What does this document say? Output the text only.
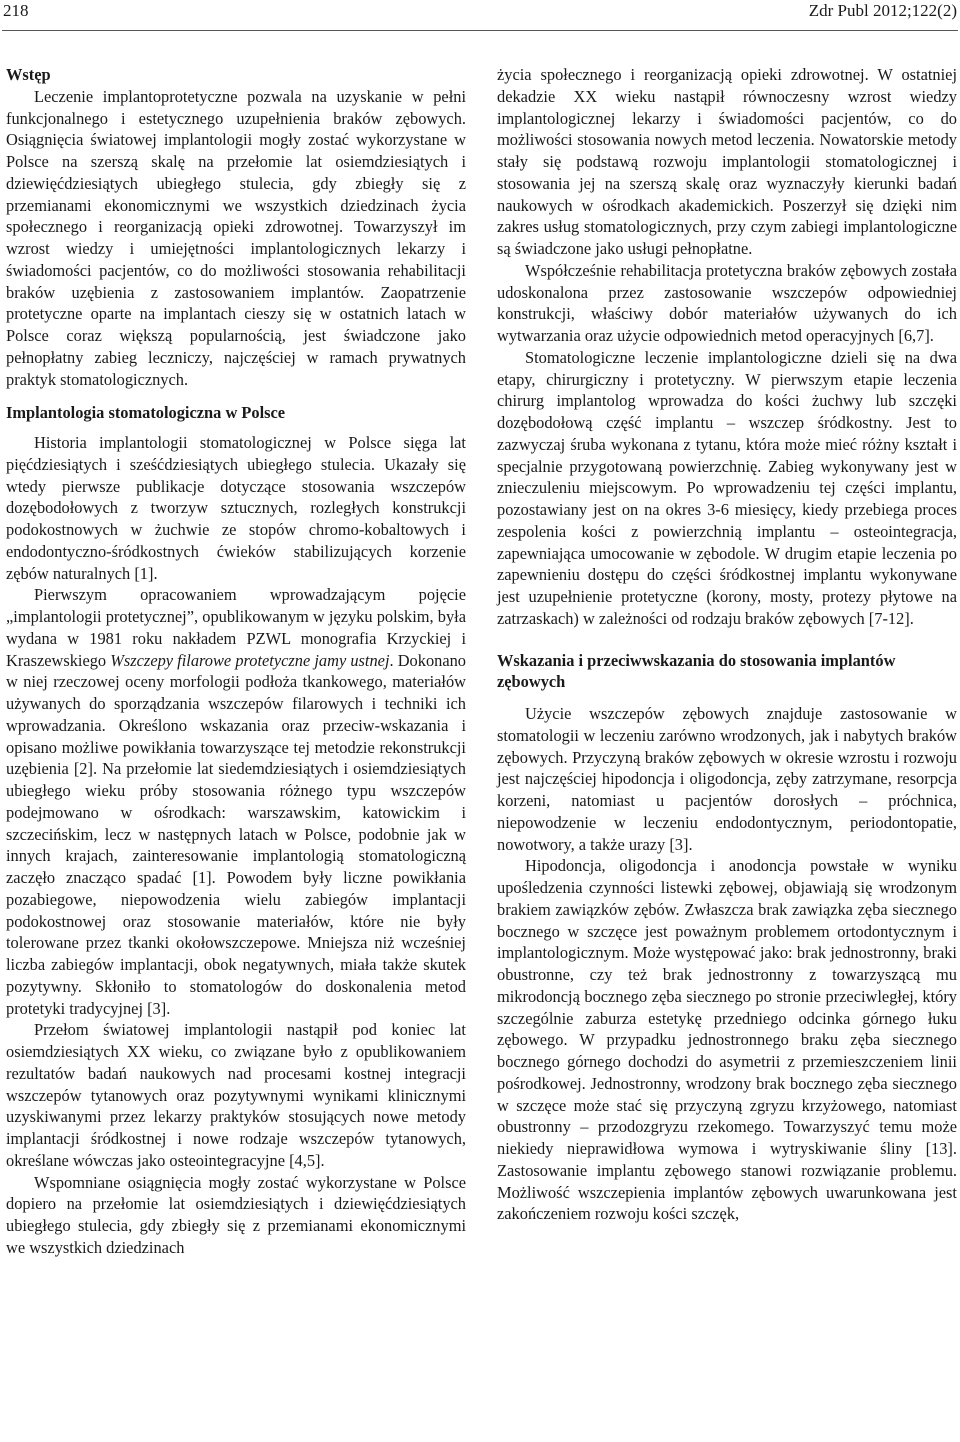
218	Zdr Publ 2012;122(2)
Wstęp

Leczenie implantoprotetyczne pozwala na uzyskanie w pełni funkcjonalnego i estetycznego uzupełnienia braków zębowych. Osiągnięcia światowej implantologii mogły zostać wykorzystane w Polsce na szerszą skalę na przełomie lat osiemdziesiątych i dziewięćdziesiątych ubiegłego stulecia, gdy zbiegły się z przemianami ekonomicznymi we wszystkich dziedzinach życia społecznego i reorganizacją opieki zdrowotnej. Towarzyszył im wzrost wiedzy i umiejętności implantologicznych lekarzy i świadomości pacjentów, co do możliwości stosowania rehabilitacji braków uzębienia z zastosowaniem implantów. Zaopatrzenie protetyczne oparte na implantach cieszy się w ostatnich latach w Polsce coraz większą popularnością, jest świadczone jako pełnopłatny zabieg leczniczy, najczęściej w ramach prywatnych praktyk stomatologicznych.

Implantologia stomatologiczna w Polsce

Historia implantologii stomatologicznej w Polsce sięga lat pięćdziesiątych i sześćdziesiątych ubiegłego stulecia. Ukazały się wtedy pierwsze publikacje dotyczące stosowania wszczepów dozębodołowych z tworzyw sztucznych, rozległych konstrukcji podokostnowych w żuchwie ze stopów chromo-kobaltowych i endodontyczno-śródkostnych ćwieków stabilizujących korzenie zębów naturalnych [1].

Pierwszym opracowaniem wprowadzającym pojęcie „implantologii protetycznej”, opublikowanym w języku polskim, była wydana w 1981 roku nakładem PZWL monografia Krzyckiej i Kraszewskiego Wszczepy filarowe protetyczne jamy ustnej. Dokonano w niej rzeczowej oceny morfologii podłoża tkankowego, materiałów używanych do sporządzania wszczepów filarowych i techniki ich wprowadzania. Określono wskazania oraz przeciw-wskazania i opisano możliwe powikłania towarzyszące tej metodzie rekonstrukcji uzębienia [2]. Na przełomie lat siedemdziesiątych i osiemdziesiątych ubiegłego wieku próby stosowania różnego typu wszczepów podejmowano w ośrodkach: warszawskim, katowickim i szczecińskim, lecz w następnych latach w Polsce, podobnie jak w innych krajach, zainteresowanie implantologią stomatologiczną zaczęło znacząco spadać [1]. Powodem były liczne powikłania pozabiegowe, niepowodzenia wielu zabiegów implantacji podokostnowej oraz stosowanie materiałów, które nie były tolerowane przez tkanki okołowszczepowe. Mniejsza niż wcześniej liczba zabiegów implantacji, obok negatywnych, miała także skutek pozytywny. Skłoniło to stomatologów do doskonalenia metod protetyki tradycyjnej [3].

Przełom światowej implantologii nastąpił pod koniec lat osiemdziesiątych XX wieku, co związane było z opublikowaniem rezultatów badań naukowych nad procesami kostnej integracji wszczepów tytanowych oraz pozytywnymi wynikami klinicznymi uzyskiwanymi przez lekarzy praktyków stosujących nowe metody implantacji śródkostnej i nowe rodzaje wszczepów tytanowych, określane wówczas jako osteointegracyjne [4,5].

Wspomniane osiągnięcia mogły zostać wykorzystane w Polsce dopiero na przełomie lat osiemdziesiątych i dziewięćdziesiątych ubiegłego stulecia, gdy zbiegły się z przemianami ekonomicznymi we wszystkich dziedzinach

życia społecznego i reorganizacją opieki zdrowotnej. W ostatniej dekadzie XX wieku nastąpił równoczesny wzrost wiedzy implantologicznej lekarzy i świadomości pacjentów, co do możliwości stosowania nowych metod leczenia. Nowatorskie metody stały się podstawą rozwoju implantologii stomatologicznej i stosowania jej na szerszą skalę oraz wyznaczyły kierunki badań naukowych w ośrodkach akademickich. Poszerzył się dzięki nim zakres usług stomatologicznych, przy czym zabiegi implantologiczne są świadczone jako usługi pełnopłatne.

Współcześnie rehabilitacja protetyczna braków zębowych została udoskonalona przez zastosowanie wszczepów odpowiedniej konstrukcji, właściwy dobór materiałów używanych do ich wytwarzania oraz użycie odpowiednich metod operacyjnych [6,7].

Stomatologiczne leczenie implantologiczne dzieli się na dwa etapy, chirurgiczny i protetyczny. W pierwszym etapie leczenia chirurg implantolog wprowadza do kości żuchwy lub szczęki dozębodołową część implantu – wszczep śródkostny. Jest to zazwyczaj śruba wykonana z tytanu, która może mieć różny kształt i specjalnie przygotowaną powierzchnię. Zabieg wykonywany jest w znieczuleniu miejscowym. Po wprowadzeniu tej części implantu, pozostawiany jest on na okres 3-6 miesięcy, kiedy przebiega proces zespolenia kości z powierzchnią implantu – osteointegracja, zapewniająca umocowanie w zębodole. W drugim etapie leczenia po zapewnieniu dostępu do części śródkostnej implantu wykonywane jest uzupełnienie protetyczne (korony, mosty, protezy płytowe na zatrzaskach) w zależności od rodzaju braków zębowych [7-12].

Wskazania i przeciwwskazania do stosowania implantów zębowych

Użycie wszczepów zębowych znajduje zastosowanie w stomatologii w leczeniu zarówno wrodzonych, jak i nabytych braków zębowych. Przyczyną braków zębowych w okresie wzrostu i rozwoju jest najczęściej hipodoncja i oligodoncja, zęby zatrzymane, resorpcja korzeni, natomiast u pacjentów dorosłych – próchnica, niepowodzenie w leczeniu endodontycznym, periodontopatie, nowotwory, a także urazy [3].

Hipodoncja, oligodoncja i anodoncja powstałe w wyniku upośledzenia czynności listewki zębowej, objawiają się wrodzonym brakiem zawiązków zębów. Zwłaszcza brak zawiązka zęba siecznego bocznego w szczęce jest poważnym problemem ortodontycznym i implantologicznym. Może występować jako: brak jednostronny, braki obustronne, czy też brak jednostronny z towarzyszącą mu mikrodoncją bocznego zęba siecznego po stronie przeciwległej, który szczególnie zaburza estetykę przedniego odcinka górnego łuku zębowego. W przypadku jednostronnego braku zęba siecznego bocznego górnego dochodzi do asymetrii z przemieszczeniem linii pośrodkowej. Jednostronny, wrodzony brak bocznego zęba siecznego w szczęce może stać się przyczyną zgryzu krzyżowego, natomiast obustronny – przodozgryzu rzekomego. Towarzyszyć temu może niekiedy nieprawidłowa wymowa i wytryskiwanie śliny [13]. Zastosowanie implantu zębowego stanowi rozwiązanie problemu. Możliwość wszczepienia implantów zębowych uwarunkowana jest zakończeniem rozwoju kości szczęk,
